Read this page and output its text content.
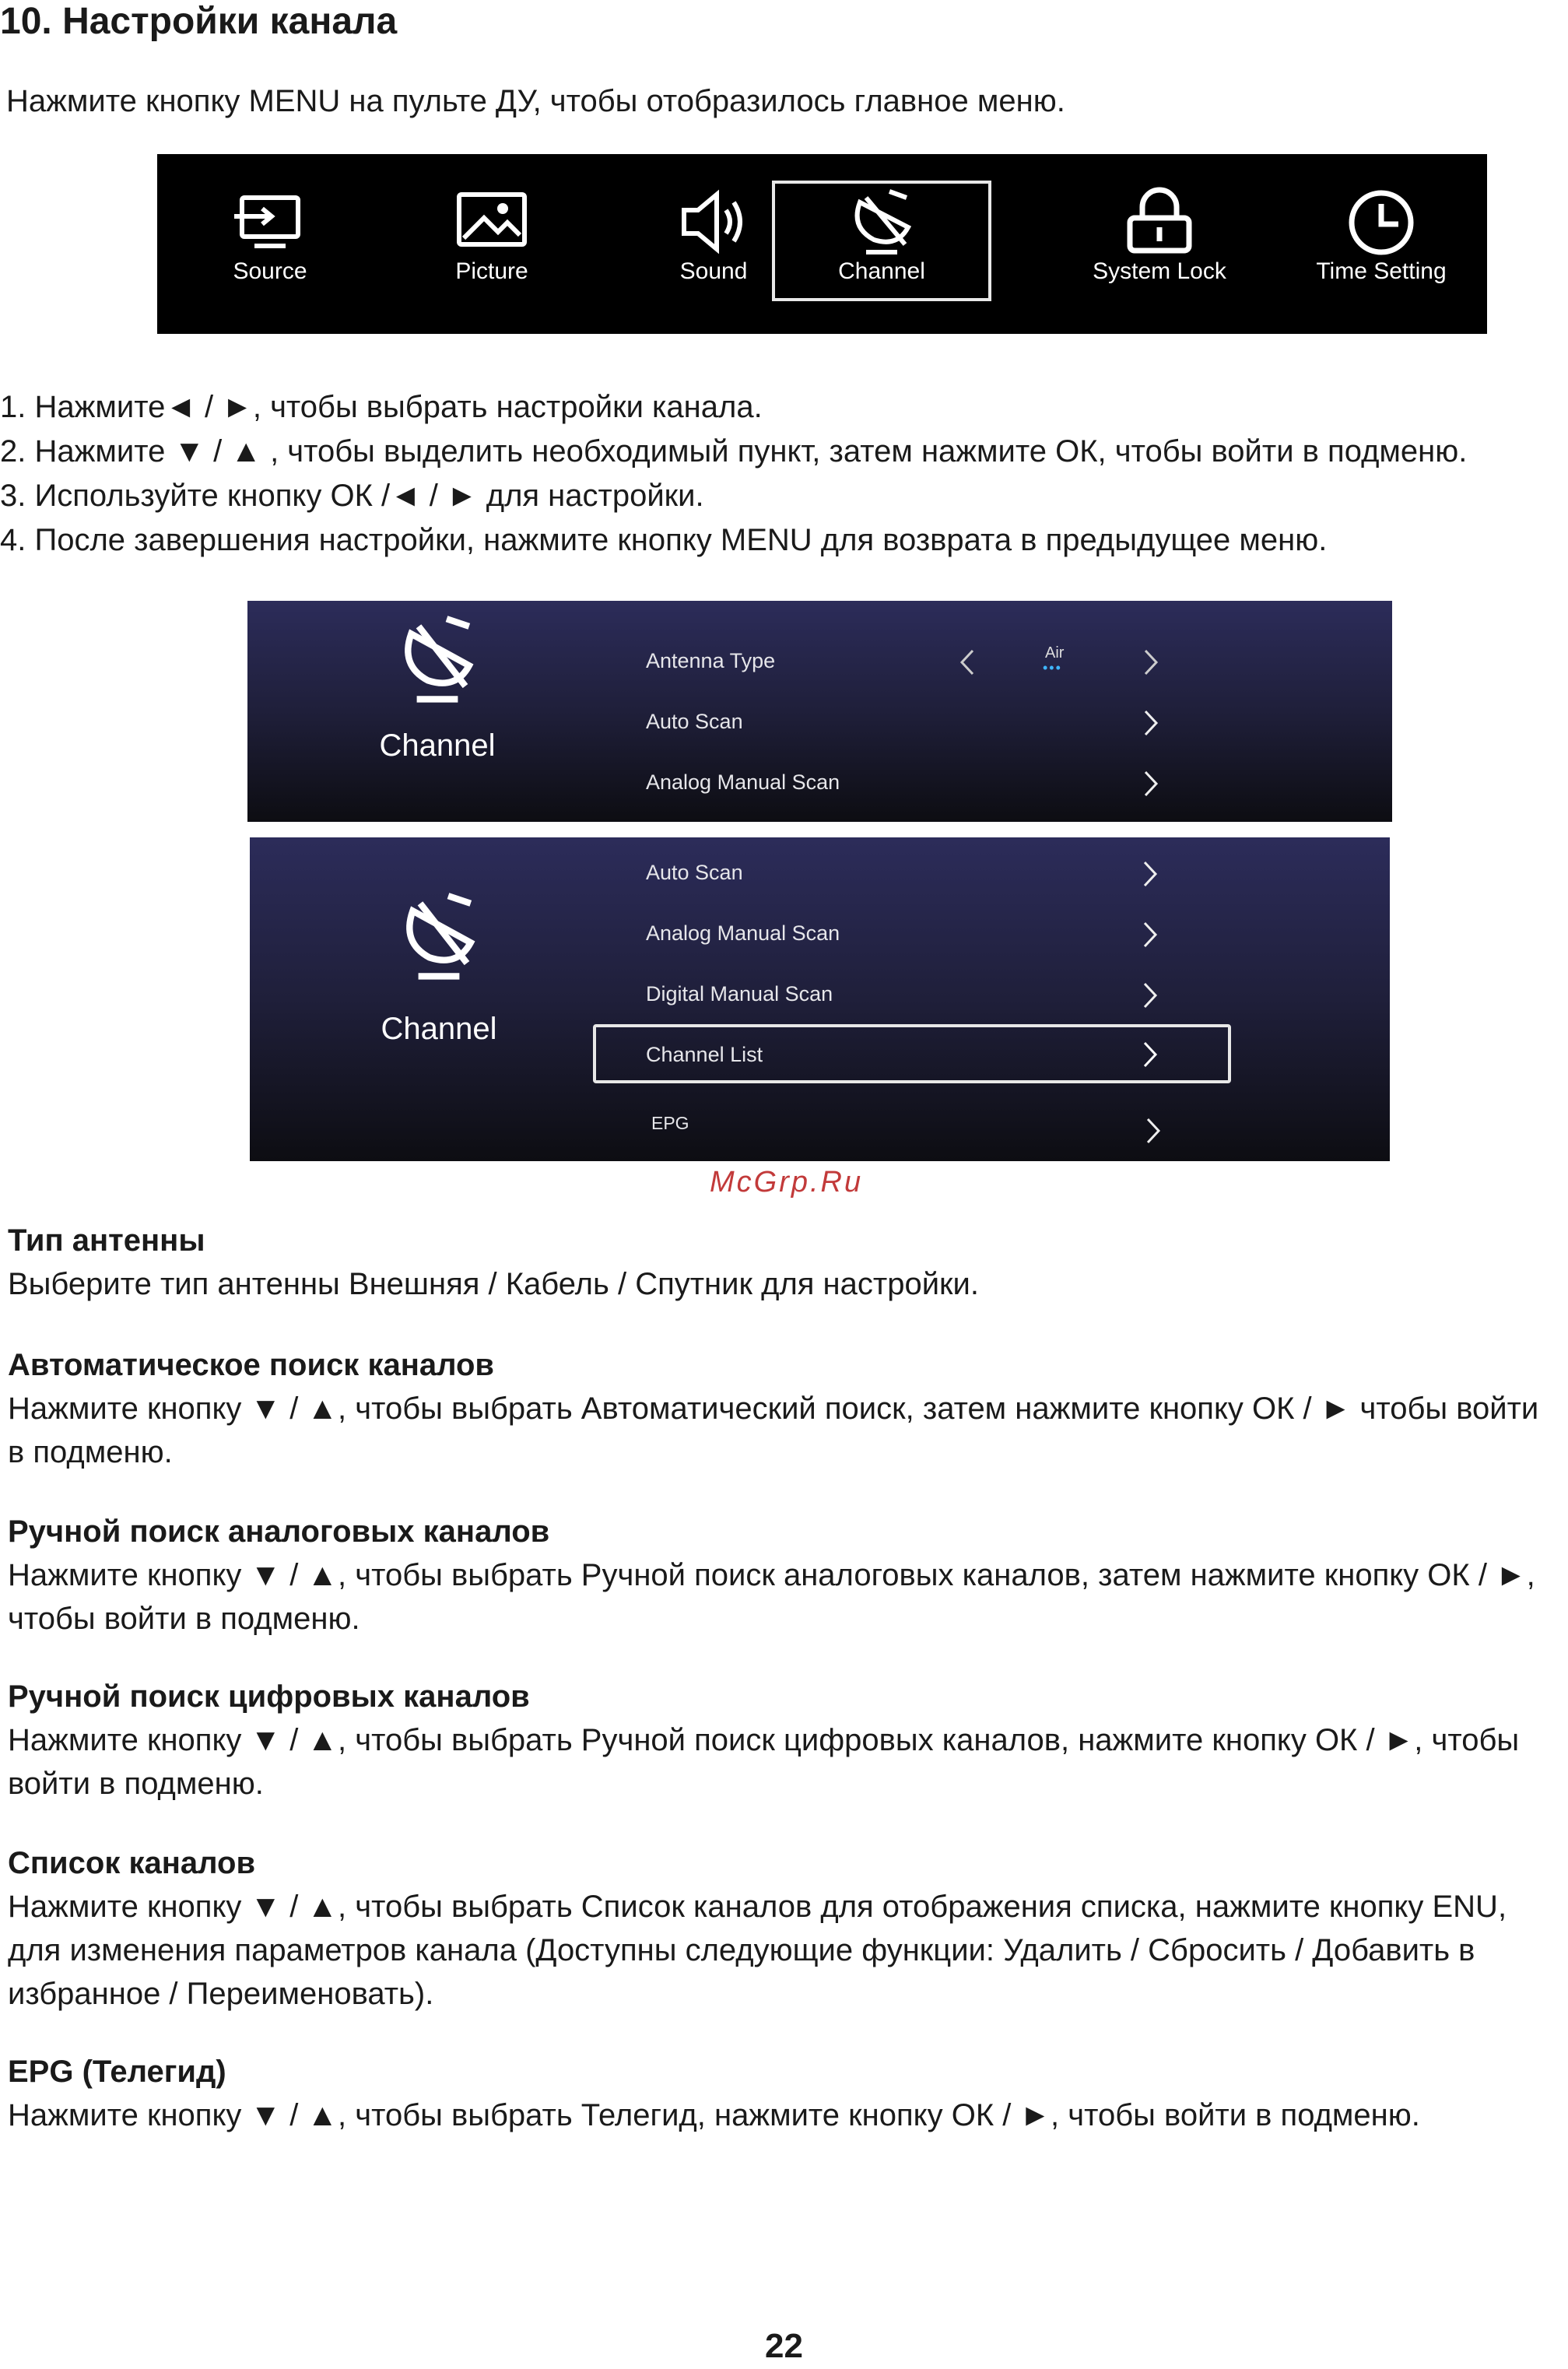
10. Настройки канала
Нажмите кнопку MENU на пульте ДУ, чтобы отобразилось главное меню.
Source	Picture	Sound	Channel	System Lock	Time Setting
1. Нажмите◄ / ►, чтобы выбрать настройки канала.
2. Нажмите ▼ / ▲ , чтобы выделить необходимый пункт, затем нажмите ОК, чтобы войти в подменю.
3. Используйте кнопку ОК /◄ / ► для настройки.
4. После завершения настройки, нажмите кнопку MENU для возврата в предыдущее меню.
Channel
Antenna Type	Air
•••
Auto Scan
Analog Manual Scan
Channel
Auto Scan
Analog Manual Scan
Digital Manual Scan
Channel List
EPG
McGrp.Ru
Тип антенны
Выберите тип антенны Внешняя / Кабель / Спутник для настройки.
Автоматическое поиск каналов
Нажмите кнопку ▼ / ▲, чтобы выбрать Автоматический поиск, затем нажмите кнопку ОК / ► чтобы войти в подменю.
Ручной поиск аналоговых каналов
Нажмите кнопку ▼ / ▲, чтобы выбрать Ручной поиск аналоговых каналов, затем нажмите кнопку ОК / ►, чтобы войти в подменю.
Ручной поиск цифровых каналов
Нажмите кнопку ▼ / ▲, чтобы выбрать Ручной поиск цифровых каналов, нажмите кнопку ОК / ►, чтобы войти в подменю.
Список каналов
Нажмите кнопку ▼ / ▲, чтобы выбрать Список каналов для отображения списка, нажмите кнопку ENU, для изменения параметров канала (Доступны следующие функции: Удалить / Сбросить / Добавить в избранное / Переименовать).
EPG (Телегид)
Нажмите кнопку ▼ / ▲, чтобы выбрать Телегид, нажмите кнопку ОК / ►, чтобы войти в подменю.
22
